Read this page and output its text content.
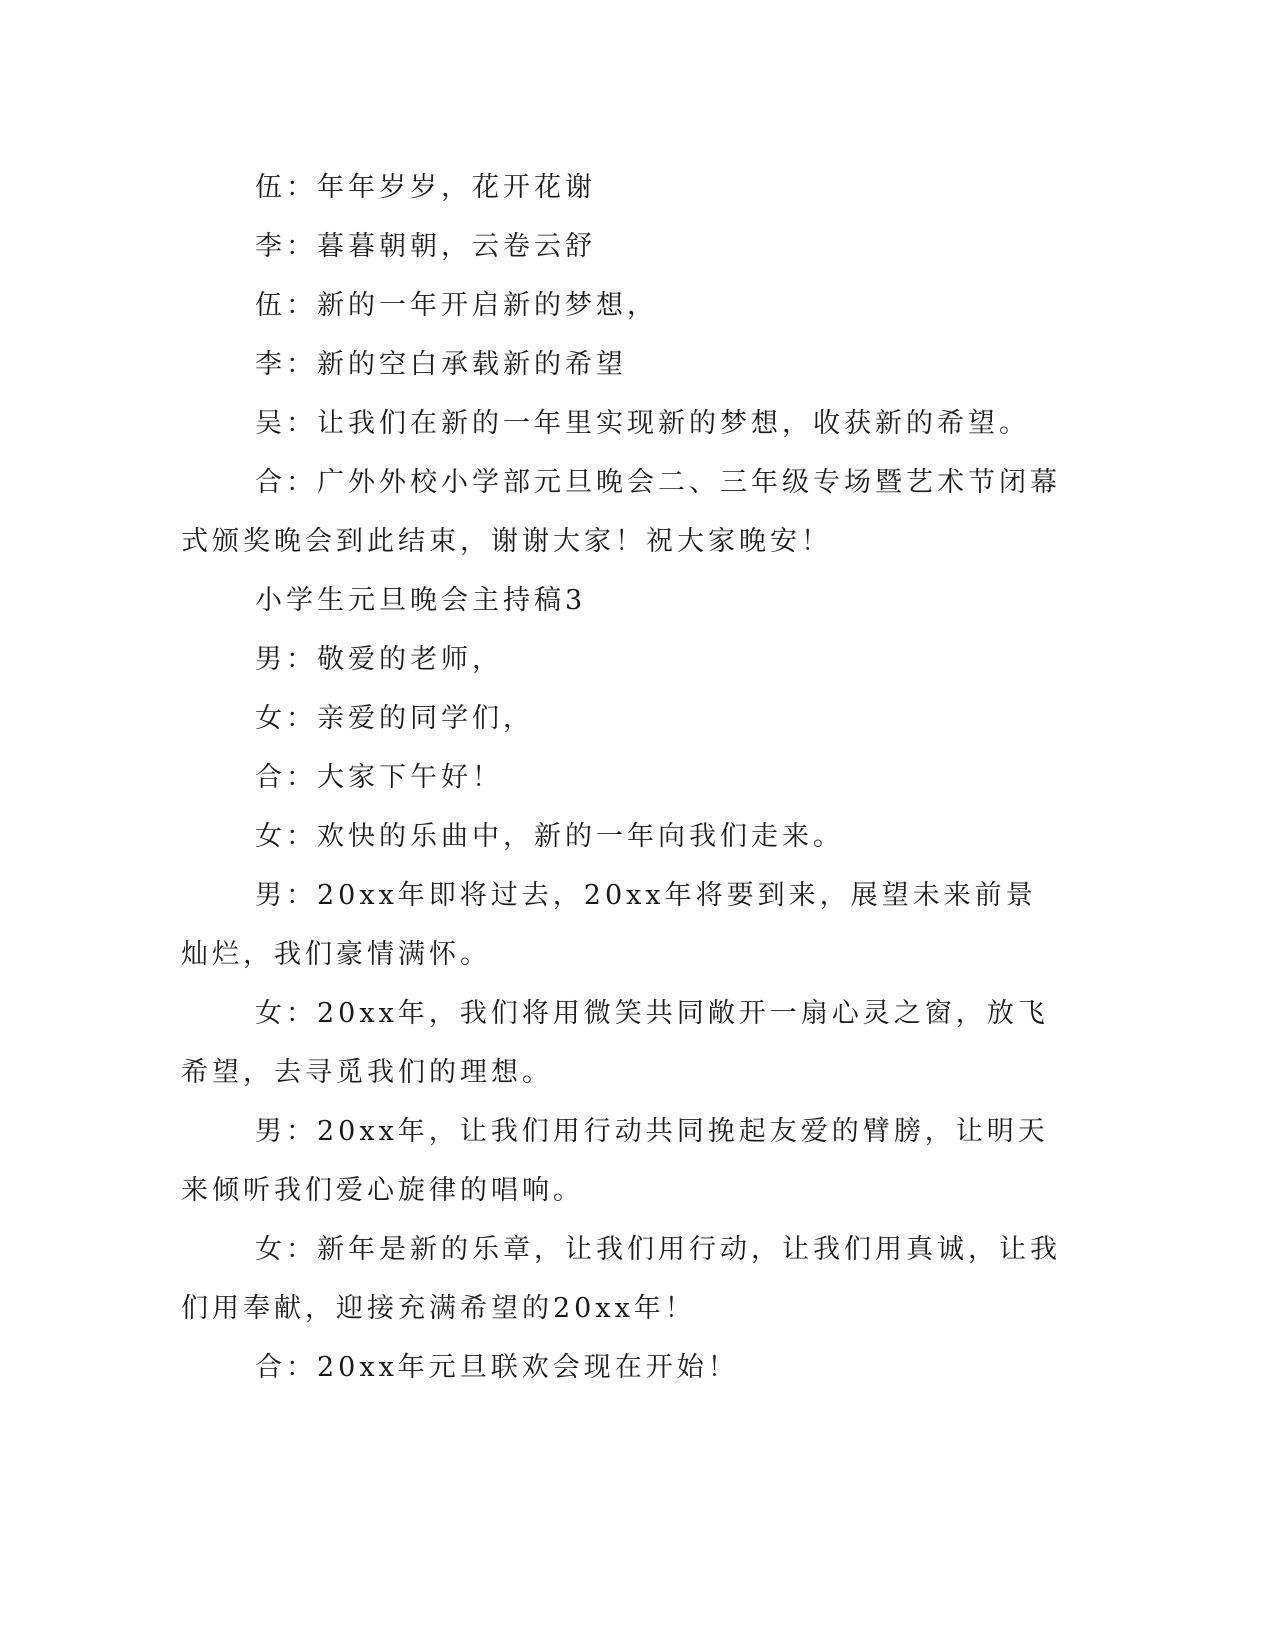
伍：年年岁岁，花开花谢

李：暮暮朝朝，云卷云舒

伍：新的一年开启新的梦想，

李：新的空白承载新的希望

吴：让我们在新的一年里实现新的梦想，收获新的希望。

合：广外外校小学部元旦晚会二、三年级专场暨艺术节闭幕式颁奖晚会到此结束，谢谢大家！祝大家晚安！

小学生元旦晚会主持稿3

男：敬爱的老师，

女：亲爱的同学们，

合：大家下午好！

女：欢快的乐曲中，新的一年向我们走来。

男：20xx年即将过去，20xx年将要到来，展望未来前景灿烂，我们豪情满怀。

女：20xx年，我们将用微笑共同敞开一扇心灵之窗，放飞希望，去寻觅我们的理想。

男：20xx年，让我们用行动共同挽起友爱的臂膀，让明天来倾听我们爱心旋律的唱响。

女：新年是新的乐章，让我们用行动，让我们用真诚，让我们用奉献，迎接充满希望的20xx年！

合：20xx年元旦联欢会现在开始！
